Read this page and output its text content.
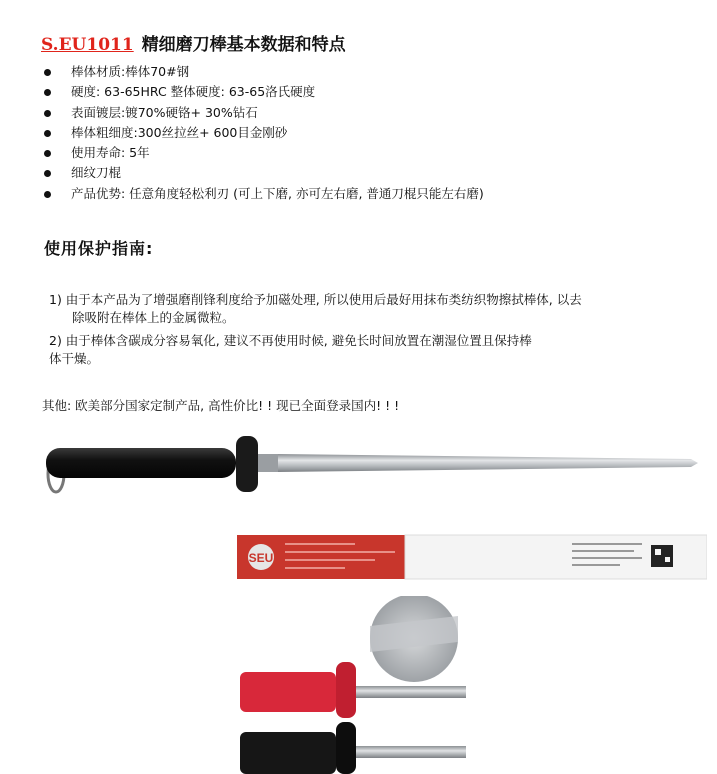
S.EU1011 精细磨刀棒基本数据和特点
棒体材质:棒体70#钢
硬度: 63-65HRC 整体硬度: 63-65洛氏硬度
表面镀层:镀70%硬铬+ 30%钻石
棒体粗细度:300丝拉丝+ 600目金刚砂
使用寿命: 5年
细纹刀棍
产品优势: 任意角度轻松利刃 (可上下磨, 亦可左右磨, 普通刀棍只能左右磨)
使用保护指南:
1) 由于本产品为了增强磨削锋利度给予加磁处理, 所以使用后最好用抹布类纺织物擦拭棒体, 以去
除吸附在棒体上的金属微粒。
2) 由于棒体含碳成分容易氧化, 建议不再使用时候, 避免长时间放置在潮湿位置且保持棒
体干燥。
其他: 欧美部分国家定制产品, 高性价比! ! 现已全面登录国内! ! !
SEU
